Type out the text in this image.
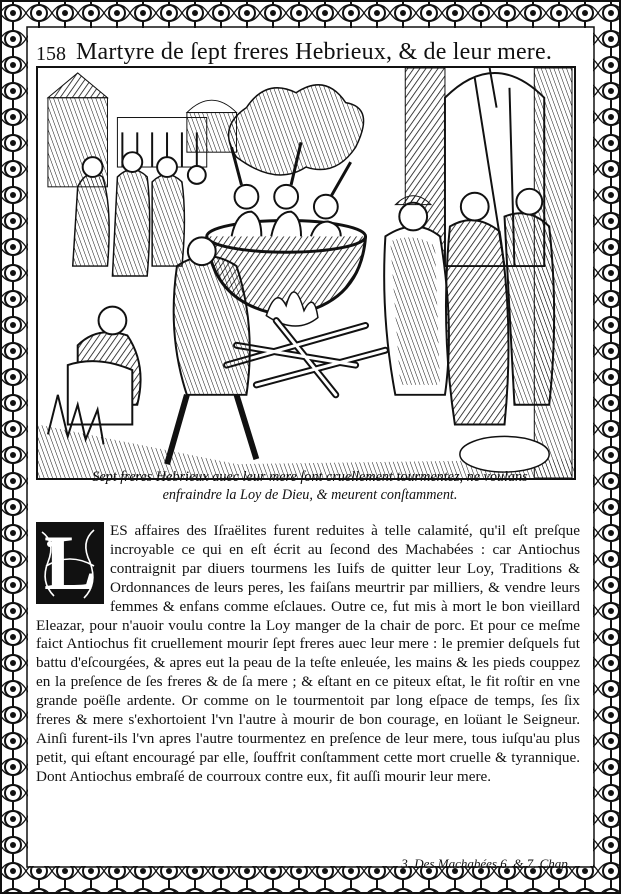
158 Martyre de ſept freres Hebrieux, & de leur mere.
Sept freres Hebrieux auec leur mere ſont cruellement tourmentez, ne voulans
enfraindre la Loy de Dieu, & meurent conſtamment.
L ES affaires des Iſraëlites furent reduites à telle calamité, qu'il eſt preſque incroyable ce qui en eſt écrit au ſecond des Machabées : car Antiochus contraignit par diuers tourmens les Iuifs de quitter leur Loy, Traditions & Ordonnances de leurs peres, les faiſans meurtrir par milliers, & vendre leurs femmes & enfans comme eſclaues. Outre ce, fut mis à mort le bon vieillard Eleazar, pour n'auoir voulu contre la Loy manger de la chair de porc. Et pour ce meſme faict Antiochus fit cruellement mourir ſept freres auec leur mere : le premier deſquels fut battu d'eſcourgées, & apres eut la peau de la teſte enleuée, les mains & les pieds couppez en la preſence de ſes freres & de ſa mere ; & eſtant en ce piteux eſtat, le fit roſtir en vne grande poëſle ardente. Or comme on le tourmentoit par long eſpace de temps, ſes ſix freres & mere s'exhortoient l'vn l'autre à mourir de bon courage, en loüant le Seigneur. Ainſi furent-ils l'vn apres l'autre tourmentez en preſence de leur mere, tous iuſqu'au plus petit, qui eſtant encouragé par elle, ſouffrit conſtamment cette mort cruelle & tyrannique. Dont Antiochus embraſé de courroux contre eux, fit auſſi mourir leur mere.
3. Des Machabées 6. & 7. Chap.
